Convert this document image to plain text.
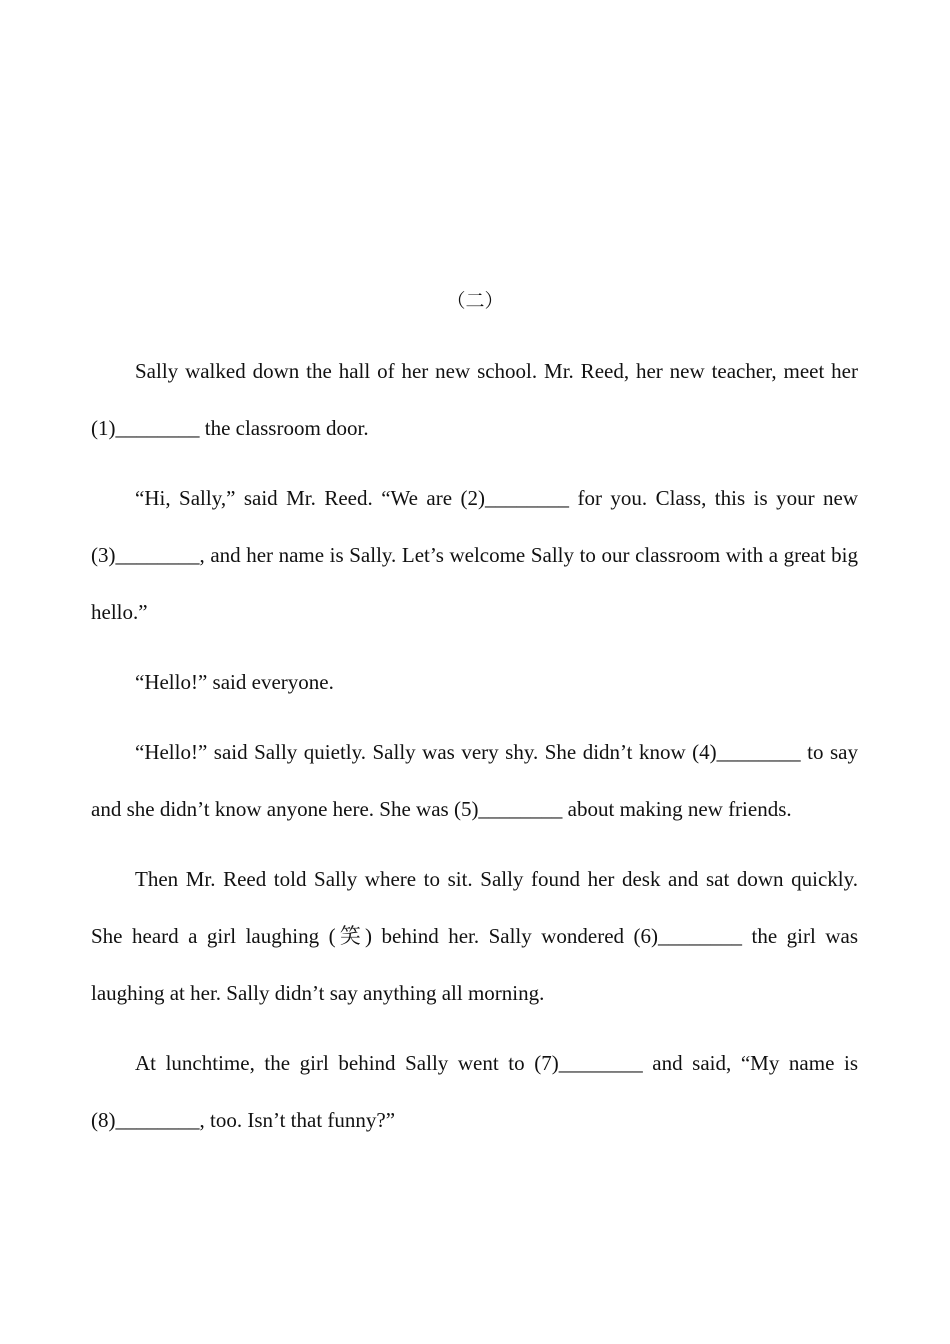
（二）

Sally walked down the hall of her new school. Mr. Reed, her new teacher, meet her (1)________ the classroom door.

“Hi, Sally,” said Mr. Reed. “We are (2)________ for you. Class, this is your new (3)________, and her name is Sally. Let’s welcome Sally to our classroom with a great big hello.”

“Hello!” said everyone.

“Hello!” said Sally quietly. Sally was very shy. She didn’t know (4)________ to say and she didn’t know anyone here. She was (5)________ about making new friends.

Then Mr. Reed told Sally where to sit. Sally found her desk and sat down quickly. She heard a girl laughing (笑) behind her. Sally wondered (6)________ the girl was laughing at her. Sally didn’t say anything all morning.

At lunchtime, the girl behind Sally went to (7)________ and said, “My name is (8)________, too. Isn’t that funny?”
